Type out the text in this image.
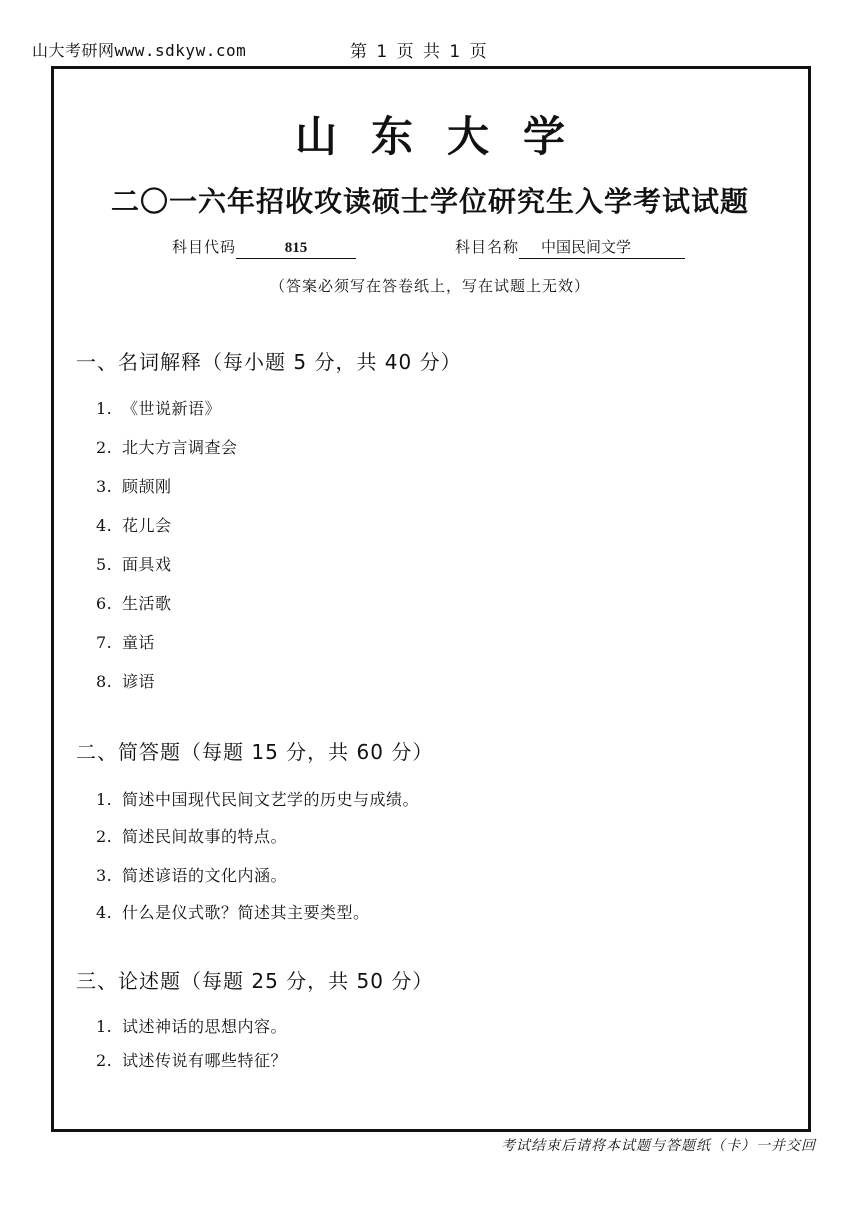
山大考研网www.sdkyw.com	第 1 页 共 1 页
山东大学
二〇一六年招收攻读硕士学位研究生入学考试试题
科目代码	815	科目名称 中国民间文学
（答案必须写在答卷纸上，写在试题上无效）
一、名词解释（每小题 5 分，共 40 分）
1. 《世说新语》
2. 北大方言调查会
3. 顾颉刚
4. 花儿会
5. 面具戏
6. 生活歌
7. 童话
8. 谚语
二、简答题（每题 15 分，共 60 分）
1. 简述中国现代民间文艺学的历史与成绩。
2. 简述民间故事的特点。
3. 简述谚语的文化内涵。
4. 什么是仪式歌？简述其主要类型。
三、论述题（每题 25 分，共 50 分）
1. 试述神话的思想内容。
2. 试述传说有哪些特征？
考试结束后请将本试题与答题纸（卡）一并交回
